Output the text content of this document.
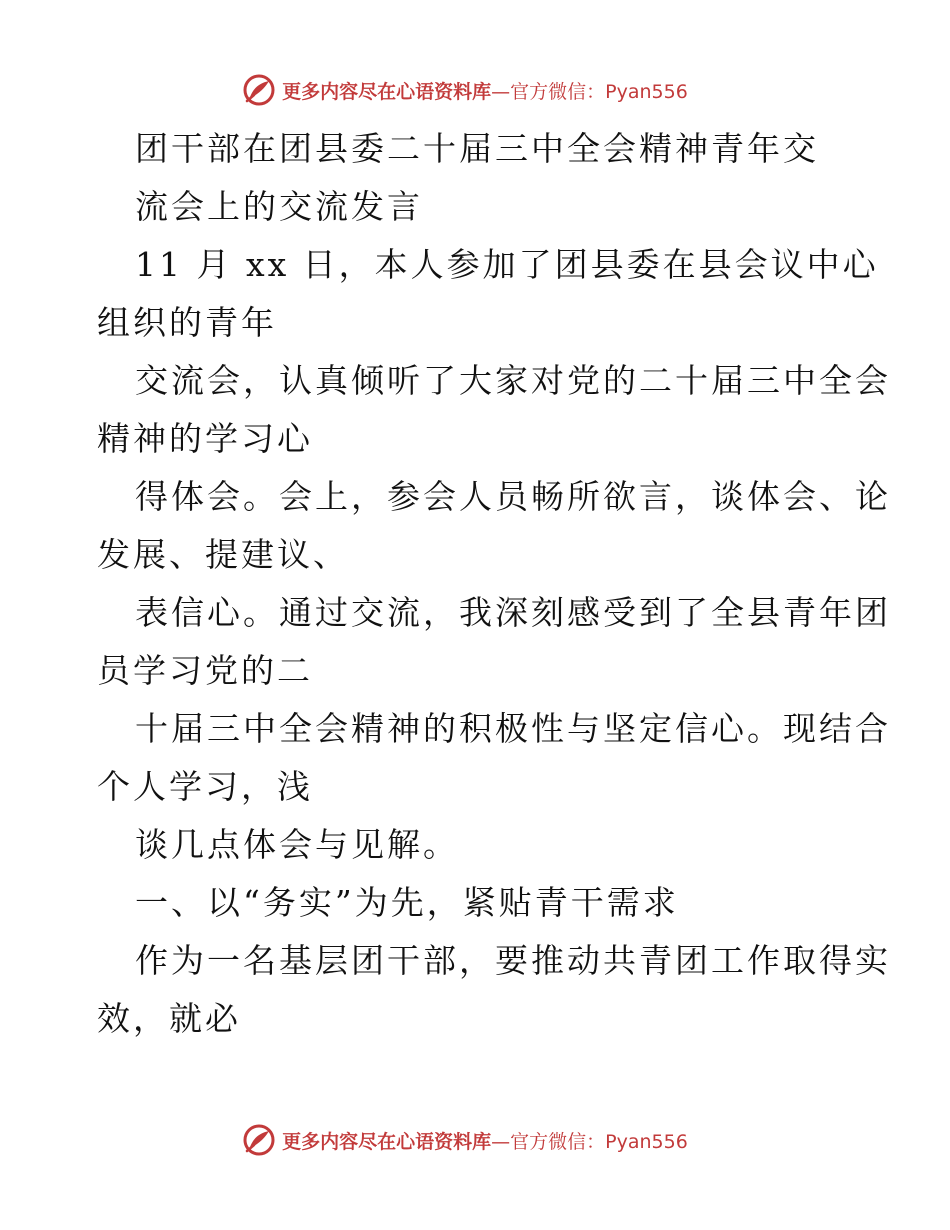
更多内容尽在心语资料库—官方微信：Pyan556
团干部在团县委二十届三中全会精神青年交
流会上的交流发言
11 月 xx 日，本人参加了团县委在县会议中心
组织的青年
交流会，认真倾听了大家对党的二十届三中全会
精神的学习心
得体会。会上，参会人员畅所欲言，谈体会、论
发展、提建议、
表信心。通过交流，我深刻感受到了全县青年团
员学习党的二
十届三中全会精神的积极性与坚定信心。现结合
个人学习，浅
谈几点体会与见解。
一、以“务实”为先，紧贴青干需求
作为一名基层团干部，要推动共青团工作取得实
效，就必
更多内容尽在心语资料库—官方微信：Pyan556
